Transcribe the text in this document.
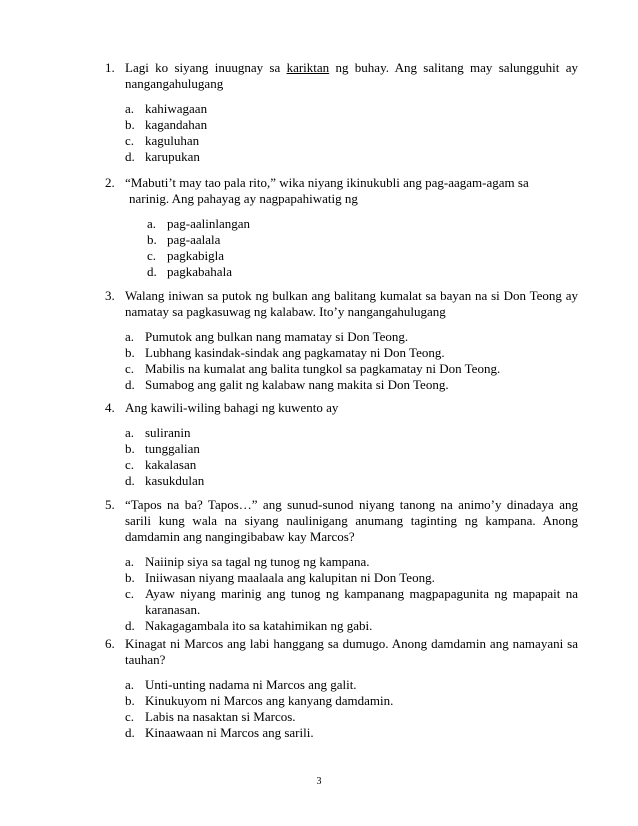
1. Lagi ko siyang inuugnay sa kariktan ng buhay. Ang salitang may salungguhit ay nangangahulugang
a. kahiwagaan
b. kagandahan
c. kaguluhan
d. karupukan
2. “Mabuti’t may tao pala rito,” wika niyang ikinukubli ang pag-aagam-agam sa
narinig. Ang pahayag ay nagpapahiwatig ng
a. pag-aalinlangan
b. pag-aalala
c. pagkabigla
d. pagkabahala
3. Walang iniwan sa putok ng bulkan ang balitang kumalat sa bayan na si Don Teong ay namatay sa pagkasuwag ng kalabaw. Ito’y nangangahulugang
a. Pumutok ang bulkan nang mamatay si Don Teong.
b. Lubhang kasindak-sindak ang pagkamatay ni Don Teong.
c. Mabilis na kumalat ang balita tungkol sa pagkamatay ni Don Teong.
d. Sumabog ang galit ng kalabaw nang makita si Don Teong.
4. Ang kawili-wiling bahagi ng kuwento ay
a. suliranin
b. tunggalian
c. kakalasan
d. kasukdulan
5. “Tapos na ba? Tapos…” ang sunud-sunod niyang tanong na animo’y dinadaya ang sarili kung wala na siyang naulinigang anumang taginting ng kampana. Anong damdamin ang nangingibabaw kay Marcos?
a. Naiinip siya sa tagal ng tunog ng kampana.
b. Iniiwasan niyang maalaala ang kalupitan ni Don Teong.
c. Ayaw niyang marinig ang tunog ng kampanang magpapagunita ng mapapait na karanasan.
d. Nakagagambala ito sa katahimikan ng gabi.
6. Kinagat ni Marcos ang labi hanggang sa dumugo. Anong damdamin ang namayani sa tauhan?
a. Unti-unting nadama ni Marcos ang galit.
b. Kinukuyom ni Marcos ang kanyang damdamin.
c. Labis na nasaktan si Marcos.
d. Kinaawaan ni Marcos ang sarili.
3
